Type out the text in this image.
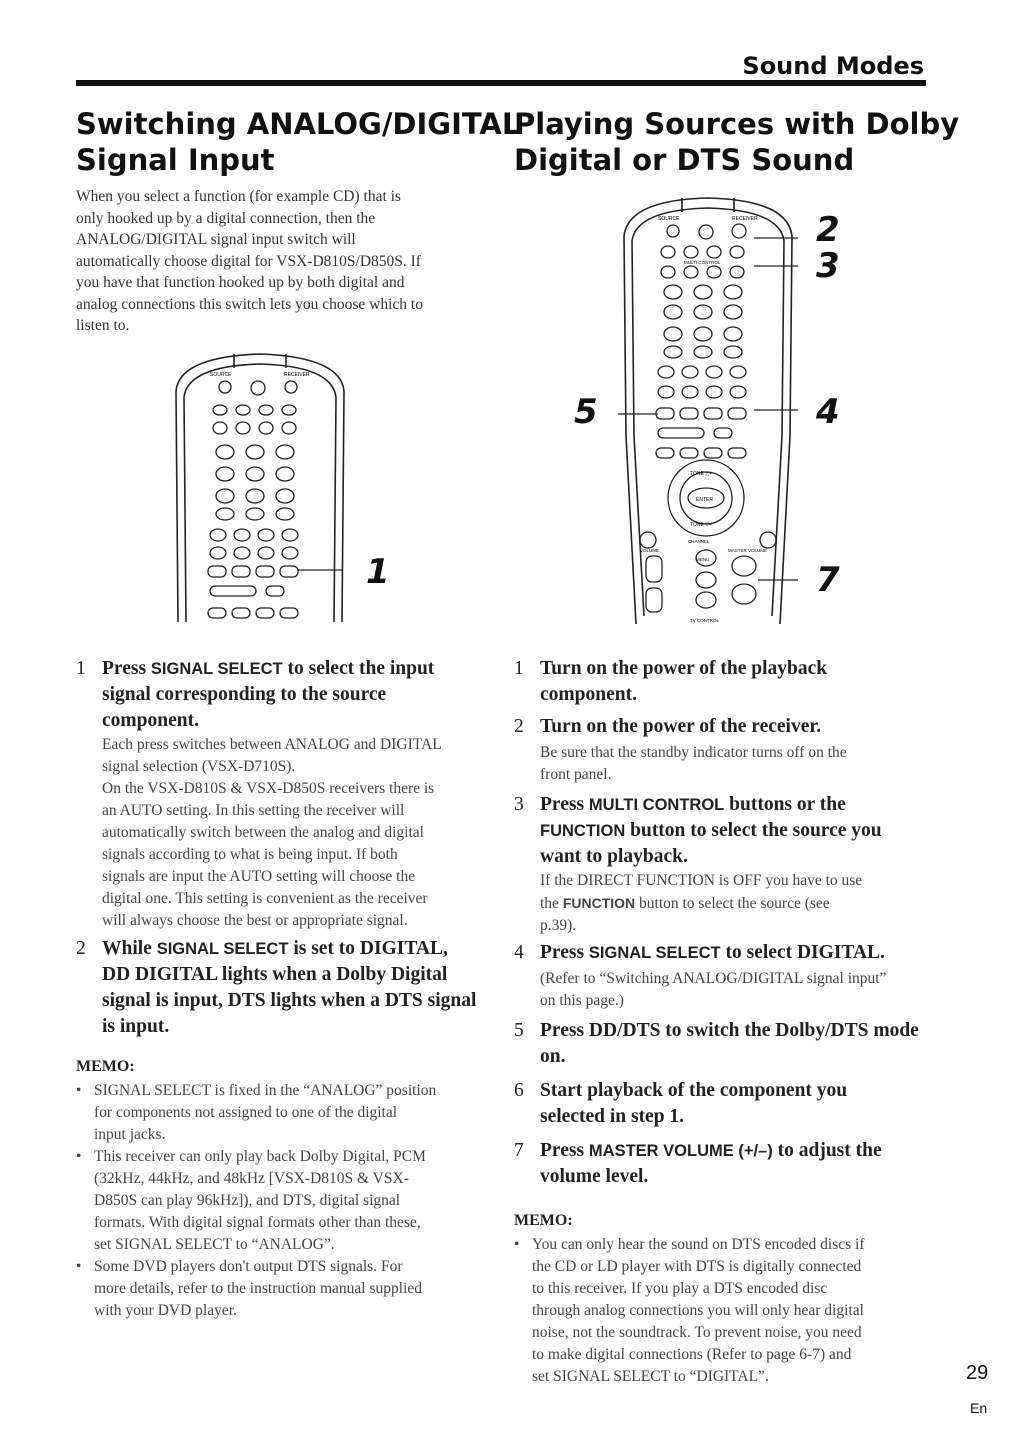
Sound Modes
Switching ANALOG/DIGITAL
Signal Input
When you select a function (for example CD) that is
only hooked up by a digital connection, then the
ANALOG/DIGITAL signal input switch will
automatically choose digital for VSX-D810S/D850S. If
you have that function hooked up by both digital and
analog connections this switch lets you choose which to
listen to.
SOURCE	RECEIVER
1
1 Press SIGNAL SELECT to select the input
signal corresponding to the source
component.
Each press switches between ANALOG and DIGITAL
signal selection (VSX-D710S).
On the VSX-D810S & VSX-D850S receivers there is
an AUTO setting. In this setting the receiver will
automatically switch between the analog and digital
signals according to what is being input. If both
signals are input the AUTO setting will choose the
digital one. This setting is convenient as the receiver
will always choose the best or appropriate signal.
2 While SIGNAL SELECT is set to DIGITAL,
DD DIGITAL lights when a Dolby Digital
signal is input, DTS lights when a DTS signal
is input.
MEMO:
• SIGNAL SELECT is fixed in the “ANALOG” position
for components not assigned to one of the digital
input jacks.
• This receiver can only play back Dolby Digital, PCM
(32kHz, 44kHz, and 48kHz [VSX-D810S & VSX-
D850S can play 96kHz]), and DTS, digital signal
formats. With digital signal formats other than these,
set SIGNAL SELECT to “ANALOG”.
• Some DVD players don't output DTS signals. For
more details, refer to the instruction manual supplied
with your DVD player.
Playing Sources with Dolby
Digital or DTS Sound
SOURCE	RECEIVER
MULTI CONTROL
TONE △+
ENTER
TONE ▽–
MENU
VOLUME	MASTER VOLUME
CHANNEL
TV CONTROL
2
3
5	4
7
1 Turn on the power of the playback
component.
2 Turn on the power of the receiver.
Be sure that the standby indicator turns off on the
front panel.
3 Press MULTI CONTROL buttons or the
FUNCTION button to select the source you
want to playback.
If the DIRECT FUNCTION is OFF you have to use
the FUNCTION button to select the source (see
p.39).
4 Press SIGNAL SELECT to select DIGITAL.
(Refer to “Switching ANALOG/DIGITAL signal input”
on this page.)
5 Press DD/DTS to switch the Dolby/DTS mode
on.
6 Start playback of the component you
selected in step 1.
7 Press MASTER VOLUME (+/–) to adjust the
volume level.
MEMO:
• You can only hear the sound on DTS encoded discs if
the CD or LD player with DTS is digitally connected
to this receiver. If you play a DTS encoded disc
through analog connections you will only hear digital
noise, not the soundtrack. To prevent noise, you need
to make digital connections (Refer to page 6-7) and
set SIGNAL SELECT to “DIGITAL”.	29
En
